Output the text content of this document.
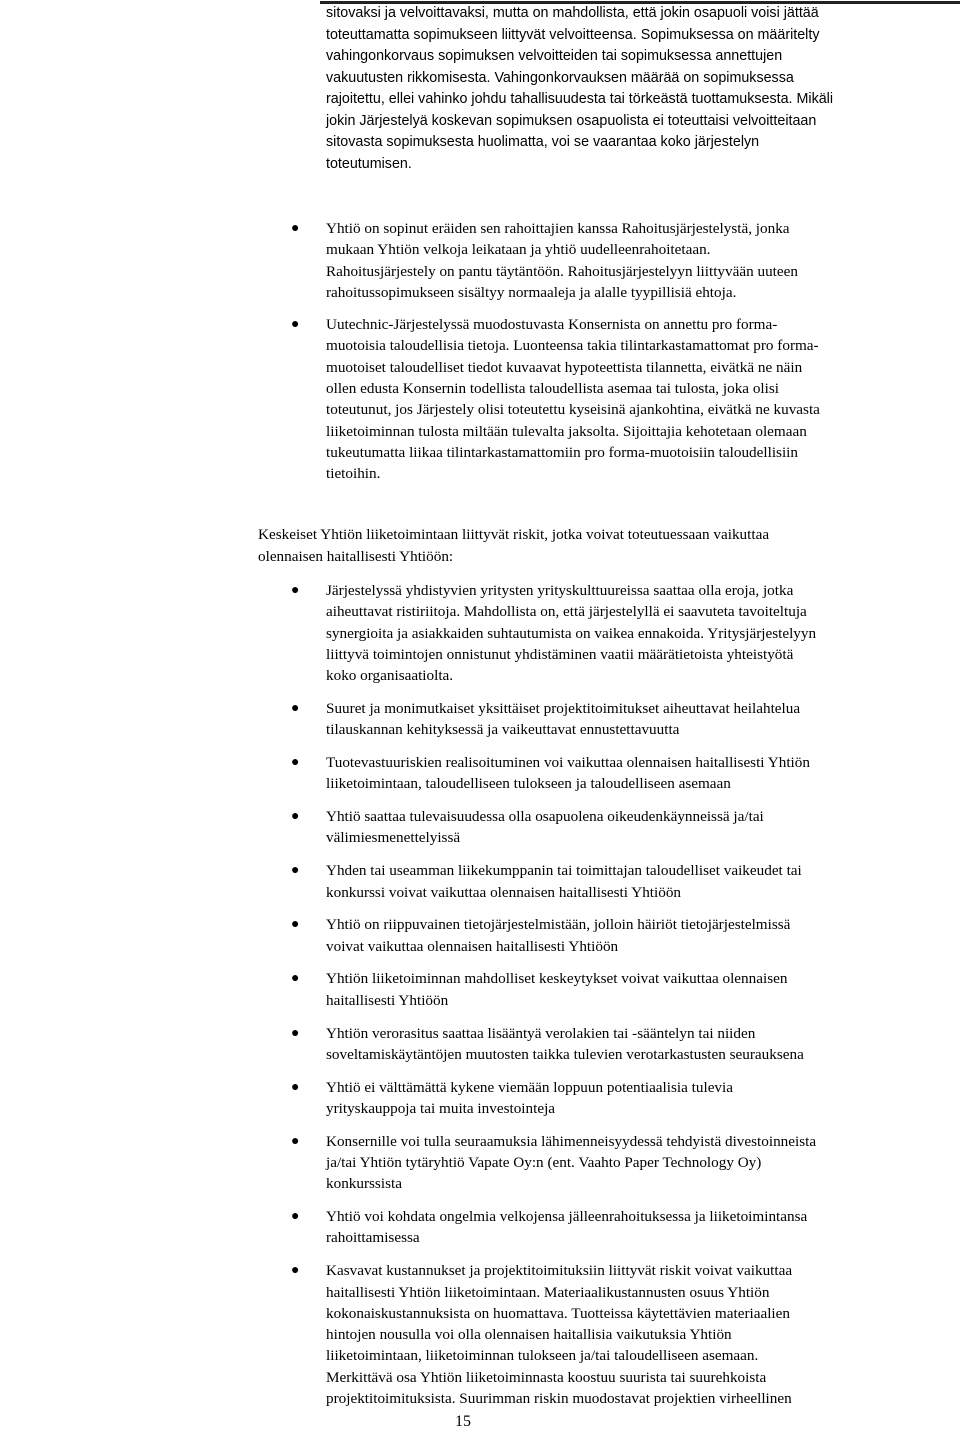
sitovaksi ja velvoittavaksi, mutta on mahdollista, että jokin osapuoli voisi jättää
toteuttamatta sopimukseen liittyvät velvoitteensa. Sopimuksessa on määritelty
vahingonkorvaus sopimuksen velvoitteiden tai sopimuksessa annettujen
vakuutusten rikkomisesta. Vahingonkorvauksen määrää on sopimuksessa
rajoitettu, ellei vahinko johdu tahallisuudesta tai törkeästä tuottamuksesta. Mikäli
jokin Järjestelyä koskevan sopimuksen osapuolista ei toteuttaisi velvoitteitaan
sitovasta sopimuksesta huolimatta, voi se vaarantaa koko järjestelyn
toteutumisen.

● Yhtiö on sopinut eräiden sen rahoittajien kanssa Rahoitusjärjestelystä, jonka
mukaan Yhtiön velkoja leikataan ja yhtiö uudelleenrahoitetaan.
Rahoitusjärjestely on pantu täytäntöön. Rahoitusjärjestelyyn liittyvään uuteen
rahoitussopimukseen sisältyy normaaleja ja alalle tyypillisiä ehtoja.

● Uutechnic-Järjestelyssä muodostuvasta Konsernista on annettu pro forma-
muotoisia taloudellisia tietoja. Luonteensa takia tilintarkastamattomat pro forma-
muotoiset taloudelliset tiedot kuvaavat hypoteettista tilannetta, eivätkä ne näin
ollen edusta Konsernin todellista taloudellista asemaa tai tulosta, joka olisi
toteutunut, jos Järjestely olisi toteutettu kyseisinä ajankohtina, eivätkä ne kuvasta
liiketoiminnan tulosta miltään tulevalta jaksolta. Sijoittajia kehotetaan olemaan
tukeutumatta liikaa tilintarkastamattomiin pro forma-muotoisiin taloudellisiin
tietoihin.

Keskeiset Yhtiön liiketoimintaan liittyvät riskit, jotka voivat toteutuessaan vaikuttaa
olennaisen haitallisesti Yhtiöön:

● Järjestelyssä yhdistyvien yritysten yrityskulttuureissa saattaa olla eroja, jotka
aiheuttavat ristiriitoja. Mahdollista on, että järjestelyllä ei saavuteta tavoiteltuja
synergioita ja asiakkaiden suhtautumista on vaikea ennakoida. Yritysjärjestelyyn
liittyvä toimintojen onnistunut yhdistäminen vaatii määrätietoista yhteistyötä
koko organisaatiolta.

● Suuret ja monimutkaiset yksittäiset projektitoimitukset aiheuttavat heilahtelua
tilauskannan kehityksessä ja vaikeuttavat ennustettavuutta

● Tuotevastuuriskien realisoituminen voi vaikuttaa olennaisen haitallisesti Yhtiön
liiketoimintaan, taloudelliseen tulokseen ja taloudelliseen asemaan

● Yhtiö saattaa tulevaisuudessa olla osapuolena oikeudenkäynneissä ja/tai
välimiesmenettelyissä

● Yhden tai useamman liikekumppanin tai toimittajan taloudelliset vaikeudet tai
konkurssi voivat vaikuttaa olennaisen haitallisesti Yhtiöön

● Yhtiö on riippuvainen tietojärjestelmistään, jolloin häiriöt tietojärjestelmissä
voivat vaikuttaa olennaisen haitallisesti Yhtiöön

● Yhtiön liiketoiminnan mahdolliset keskeytykset voivat vaikuttaa olennaisen
haitallisesti Yhtiöön

● Yhtiön verorasitus saattaa lisääntyä verolakien tai -sääntelyn tai niiden
soveltamiskäytäntöjen muutosten taikka tulevien verotarkastusten seurauksena

● Yhtiö ei välttämättä kykene viemään loppuun potentiaalisia tulevia
yrityskauppoja tai muita investointeja

● Konsernille voi tulla seuraamuksia lähimenneisyydessä tehdyistä divestoinneista
ja/tai Yhtiön tytäryhtiö Vapate Oy:n (ent. Vaahto Paper Technology Oy)
konkurssista

● Yhtiö voi kohdata ongelmia velkojensa jälleenrahoituksessa ja liiketoimintansa
rahoittamisessa

● Kasvavat kustannukset ja projektitoimituksiin liittyvät riskit voivat vaikuttaa
haitallisesti Yhtiön liiketoimintaan. Materiaalikustannusten osuus Yhtiön
kokonaiskustannuksista on huomattava. Tuotteissa käytettävien materiaalien
hintojen nousulla voi olla olennaisen haitallisia vaikutuksia Yhtiön
liiketoimintaan, liiketoiminnan tulokseen ja/tai taloudelliseen asemaan.
Merkittävä osa Yhtiön liiketoiminnasta koostuu suurista tai suurehkoista
projektitoimituksista. Suurimman riskin muodostavat projektien virheellinen

15
